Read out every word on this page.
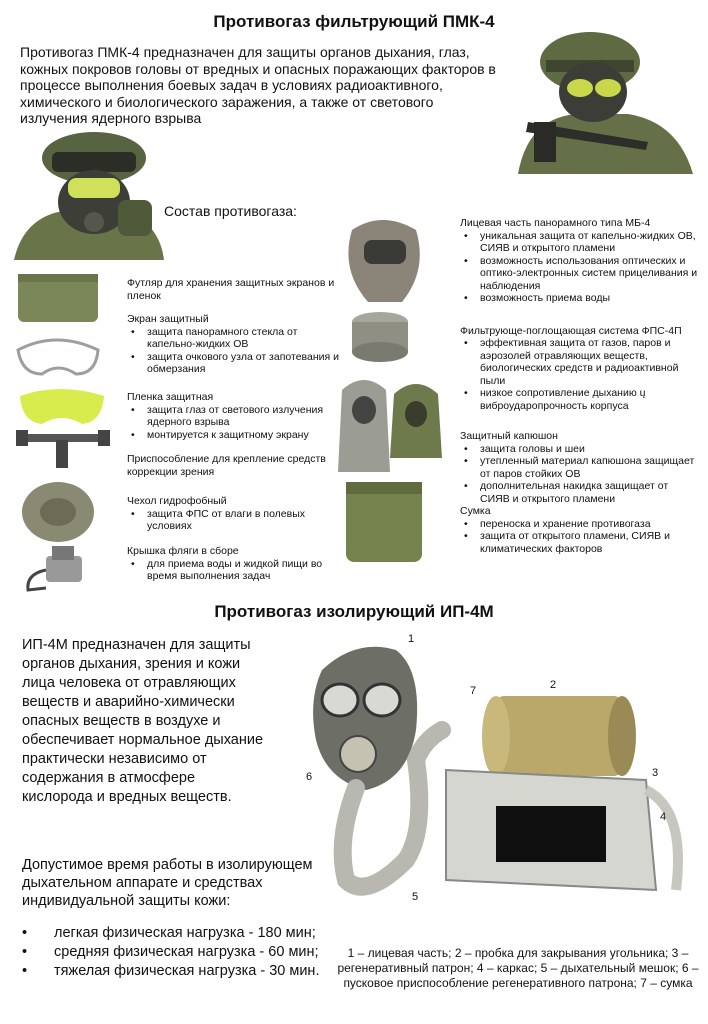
Противогаз фильтрующий ПМК-4
Противогаз ПМК-4 предназначен для защиты органов дыхания, глаз, кожных покровов головы от вредных и опасных поражающих факторов в процессе выполнения боевых задач в условиях радиоактивного, химического и биологического заражения, а также от светового излучения ядерного взрыва
Состав противогаза:
Футляр для хранения защитных экранов и пленок
Экран защитный
• защита панорамного стекла от капельно-жидких ОВ
• защита очкового узла от запотевания и обмерзания
Пленка защитная
• защита глаз от светового излучения ядерного взрыва
• монтируется к защитному экрану
Приспособление для крепление средств коррекции зрения
Чехол гидрофобный
• защита ФПС от влаги в полевых условиях
Крышка фляги в сборе
• для приема воды и жидкой пищи во время выполнения задач
Лицевая часть панорамного типа МБ-4
• уникальная защита от капельно-жидких ОВ, СИЯВ и открытого пламени
• возможность использования оптических и оптико-электронных систем прицеливания и наблюдения
• возможность приема воды
Фильтрующе-поглощающая система ФПС-4П
• эффективная защита от газов, паров и аэрозолей отравляющих веществ, биологических средств и радиоактивной пыли
• низкое сопротивление дыханию ų виброударопрочность корпуса
Защитный капюшон
• защита головы и шеи
• утепленный материал капюшона защищает от паров стойких ОВ
• дополнительная накидка защищает от СИЯВ и открытого пламени
Сумка
• переноска и хранение противогаза
• защита от открытого пламени, СИЯВ и климатических факторов
Противогаз изолирующий ИП-4М
ИП-4М предназначен для защиты органов дыхания, зрения и кожи лица человека от отравляющих веществ и аварийно-химически опасных веществ в воздухе и обеспечивает нормальное дыхание практически независимо от содержания в атмосфере кислорода и вредных веществ.
Допустимое время работы в изолирующем дыхательном аппарате и средствах индивидуальной защиты кожи:
• легкая физическая нагрузка - 180 мин;
• средняя физическая нагрузка - 60 мин;
• тяжелая физическая нагрузка - 30 мин.
1
2
3
4
5
6
7
1 – лицевая часть; 2 – пробка для закрывания угольника; 3 – регенеративный патрон; 4 – каркас; 5 – дыхательный мешок; 6 – пусковое приспособление регенеративного патрона; 7 – сумка
